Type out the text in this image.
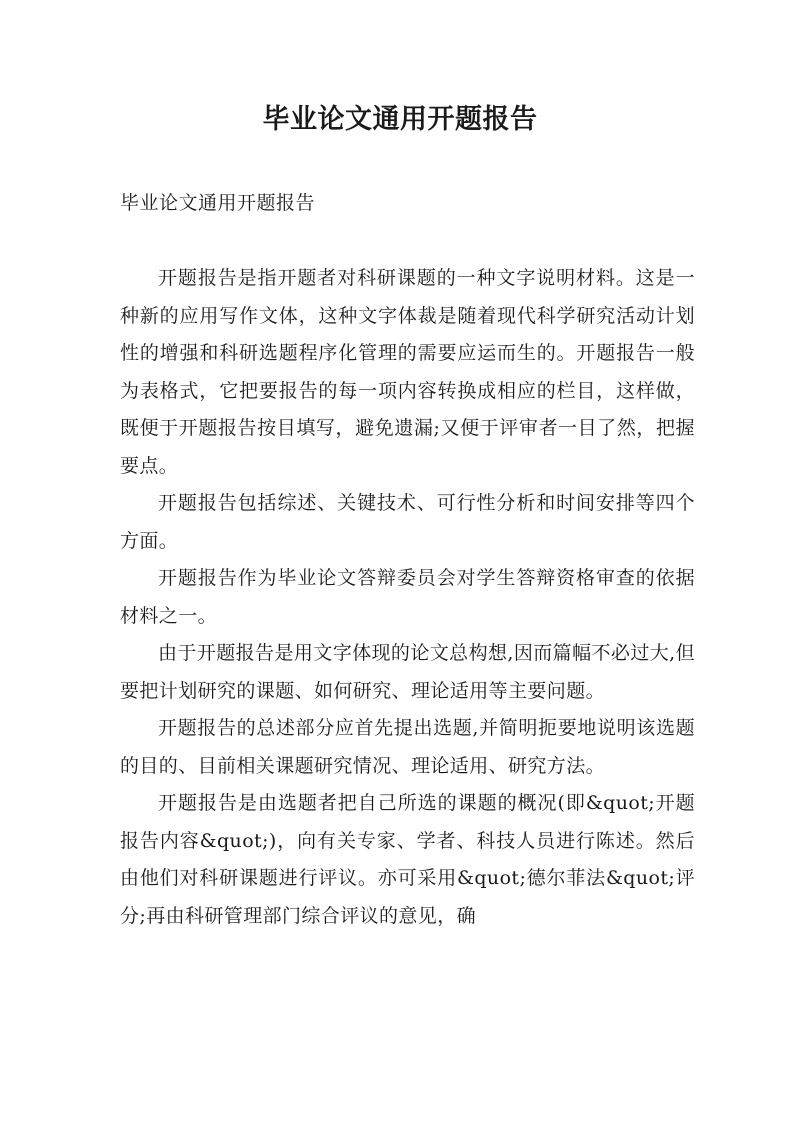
毕业论文通用开题报告
毕业论文通用开题报告

开题报告是指开题者对科研课题的一种文字说明材料。这是一种新的应用写作文体，这种文字体裁是随着现代科学研究活动计划性的增强和科研选题程序化管理的需要应运而生的。开题报告一般为表格式，它把要报告的每一项内容转换成相应的栏目，这样做，既便于开题报告按目填写，避免遗漏;又便于评审者一目了然，把握要点。

开题报告包括综述、关键技术、可行性分析和时间安排等四个方面。

开题报告作为毕业论文答辩委员会对学生答辩资格审查的依据材料之一。

由于开题报告是用文字体现的论文总构想,因而篇幅不必过大,但要把计划研究的课题、如何研究、理论适用等主要问题。

开题报告的总述部分应首先提出选题,并简明扼要地说明该选题的目的、目前相关课题研究情况、理论适用、研究方法。

开题报告是由选题者把自己所选的课题的概况(即&quot;开题报告内容&quot;)，向有关专家、学者、科技人员进行陈述。然后由他们对科研课题进行评议。亦可采用&quot;德尔菲法&quot;评分;再由科研管理部门综合评议的意见，确
